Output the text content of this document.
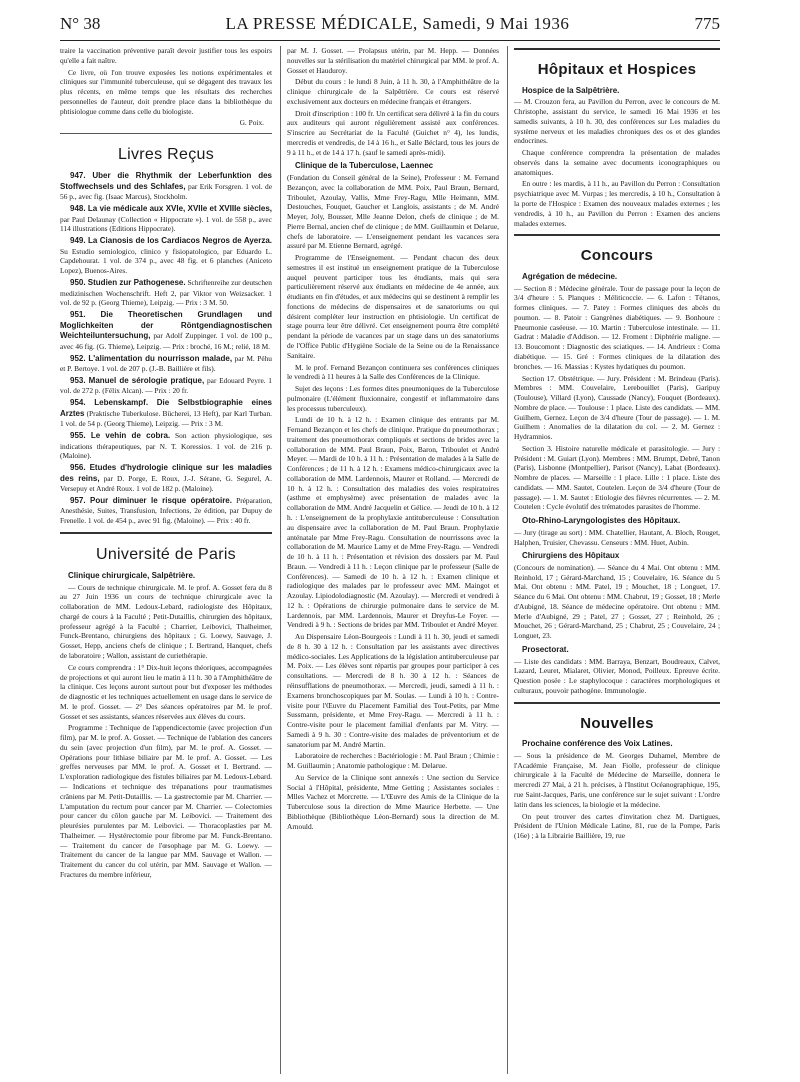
N° 38	LA PRESSE MÉDICALE, Samedi, 9 Mai 1936	775

traire la vaccination préventive paraît devoir justifier tous les espoirs qu'elle a fait naître.

Ce livre, où l'on trouve exposées les notions expérimentales et cliniques sur l'immunité tuberculeuse, qui se dégagent des travaux les plus récents, en même temps que les résultats des recherches personnelles de l'auteur, doit prendre place dans la bibliothèque du phtisiologue comme dans celle du biologiste.

G. Poix.

Livres Reçus

947. Uber die Rhythmik der Leberfunktion des Stoffwechsels und des Schlafes, par Erik Forsgren. 1 vol. de 56 p., avec fig. (Isaac Marcus), Stockholm.

948. La vie médicale aux XVIe, XVIIe et XVIIIe siècles, par Paul Delaunay (Collection « Hippocrate »). 1 vol. de 558 p., avec 114 illustrations (Editions Hippocrate).

949. La Cianosis de los Cardiacos Negros de Ayerza. Su Estudio semiologico, clinico y fisiopatologico, par Eduardo L. Capdehourat. 1 vol. de 374 p., avec 48 fig. et 6 planches (Aniceto Lopez), Buenos-Aires.

950. Studien zur Pathogenese. Schriftenreihe zur deutschen medizinischen Wochenschrift. Heft 2, par Viktor von Weizsacker. 1 vol. de 92 p. (Georg Thieme), Leipzig. — Prix : 3 M. 50.

951. Die Theoretischen Grundlagen und Moglichkeiten der Röntgendiagnostischen Weichteiluntersuchung, par Adolf Zuppinger. 1 vol. de 100 p., avec 46 fig. (G. Thieme), Leipzig. — Prix : broché, 16 M.; relié, 18 M.

952. L'alimentation du nourrisson malade, par M. Péhu et P. Bertoye. 1 vol. de 207 p. (J.-B. Baillière et fils).

953. Manuel de sérologie pratique, par Edouard Peyre. 1 vol. de 272 p. (Félix Alcan). — Prix : 20 fr.

954. Lebenskampf. Die Selbstbiographie eines Arztes (Praktische Tuberkulose. Bücherei, 13 Heft), par Karl Turban. 1 vol. de 54 p. (Georg Thieme), Leipzig. — Prix : 3 M.

955. Le vehin de cobra. Son action physiologique, ses indications thérapeutiques, par N. T. Koressios. 1 vol. de 216 p. (Maloine).

956. Etudes d'hydrologie clinique sur les maladies des reins, par D. Porge, E. Roux, J.-J. Sérane, G. Segurel, A. Versepuy et André Roux. 1 vol de 182 p. (Maloine).

957. Pour diminuer le risque opératoire. Préparation, Anesthésie, Suites, Transfusion, Infections, 2e édition, par Dupuy de Frenelle. 1 vol. de 454 p., avec 91 fig. (Maloine). — Prix : 40 fr.

Université de Paris
Clinique chirurgicale, Salpêtrière.

— Cours de technique chirurgicale. M. le prof. A. Gosset fera du 8 au 27 Juin 1936 un cours de technique chirurgicale avec la collaboration de MM. Ledoux-Lebard, radiologiste des Hôpitaux, chargé de cours à la Faculté ; Petit-Dutaillis, chirurgien des hôpitaux, professeur agrégé à la Faculté ; Charrier, Leibovici, Thalheimer, Funck-Brentano, chirurgiens des hôpitaux ; G. Loewy, Sauvage, J. Gosset, Hepp, anciens chefs de clinique ; I. Bertrand, Hanquet, chefs de laboratoire ; Wallon, assistant de curiethérapie.

Ce cours comprendra : 1° Dix-huit leçons théoriques, accompagnées de projections et qui auront lieu le matin à 11 h. 30 à l'Amphithéâtre de la clinique. Ces leçons auront surtout pour but d'exposer les méthodes de diagnostic et les techniques actuellement en usage dans le service de M. le prof. Gosset. — 2° Des séances opératoires par M. le prof. Gosset et ses assistants, séances réservées aux élèves du cours.

Programme : Technique de l'appendicectomie (avec projection d'un film), par M. le prof. A. Gosset. — Technique de l'ablation des cancers du sein (avec projection d'un film), par M. le prof. A. Gosset. — Opérations pour lithiase biliaire par M. le prof. A. Gosset. — Les greffes nerveuses par MM. le prof. A. Gosset et I. Bertrand. — L'exploration radiologique des fistules biliaires par M. Ledoux-Lebard. — Indications et technique des trépanations pour traumatismes crâniens par M. Petit-Dutaillis. — La gastrectomie par M. Charrier. — L'amputation du rectum pour cancer par M. Charrier. — Colectomies pour cancer du côlon gauche par M. Leibovici. — Traitement des pleurésies purulentes par M. Leibovici. — Thoracoplasties par M. Thalheimer. — Hystérectomie pour fibrome par M. Funck-Brentano. — Traitement du cancer de l'œsophage par M. G. Loewy. — Traitement du cancer de la langue par MM. Sauvage et Wallon. — Traitement du cancer du col utérin, par MM. Sauvage et Wallon. — Fractures du membre inférieur,

par M. J. Gosset. — Prolapsus utérin, par M. Hepp. — Données nouvelles sur la stérilisation du matériel chirurgical par MM. le prof. A. Gosset et Hauduroy.

Début du cours : le lundi 8 Juin, à 11 h. 30, à l'Amphithéâtre de la clinique chirurgicale de la Salpêtrière. Ce cours est réservé exclusivement aux docteurs en médecine français et étrangers.

Droit d'inscription : 100 fr. Un certificat sera délivré à la fin du cours aux auditeurs qui auront régulièrement assisté aux conférences. S'inscrire au Secrétariat de la Faculté (Guichet n° 4), les lundis, mercredis et vendredis, de 14 à 16 h., et Salle Béclard, tous les jours de 9 à 11 h., et de 14 à 17 h. (sauf le samedi après-midi).

Clinique de la Tuberculose, Laennec

(Fondation du Conseil général de la Seine), Professeur : M. Fernand Bezançon, avec la collaboration de MM. Poix, Paul Braun, Bernard, Triboulet, Azoulay, Vallis, Mme Frey-Ragu, Mlle Heimann, MM. Destouches, Fouquet, Gaucher et Langlois, assistants ; de M. André Meyer, Joly, Bousser, Mlle Jeanne Delon, chefs de clinique ; de M. Pierre Bernal, ancien chef de clinique ; de MM. Guillaumin et Delarue, chefs de laboratoire. — L'enseignement pendant les vacances sera assuré par M. Etienne Bernard, agrégé.

Programme de l'Enseignement. — Pendant chacun des deux semestres il est institué un enseignement pratique de la Tuberculose auquel peuvent participer tous les étudiants, mais qui sera particulièrement réservé aux étudiants en médecine de 4e année, aux étudiants en fin d'études, et aux médecins qui se destinent à remplir les fonctions de médecins de dispensaires et de sanatoriums ou qui désirent compléter leur instruction en phtisiologie. Un certificat de stage pourra leur être délivré. Cet enseignement pourra être complété pendant la période de vacances par un stage dans un des sanatoriums de l'Office Public d'Hygiène Sociale de la Seine ou de la Renaissance Sanitaire.

M. le prof. Fernand Bezançon continuera ses conférences cliniques le vendredi à 11 heures à la Salle des Conférences de la Clinique.

Sujet des leçons : Les formes dites pneumoniques de la Tuberculose pulmonaire (L'élément fluxionnaire, congestif et inflammatoire dans les processus tuberculeux).

Lundi de 10 h. à 12 h. : Examen clinique des entrants par M. Fernand Bezançon et les chefs de clinique. Pratique du pneumothorax ; traitement des pneumothorax compliqués et sections de brides avec la collaboration de MM. Paul Braun, Poix, Baron, Triboulet et André Meyer. — Mardi de 10 h. à 11 h. : Présentation de malades à la Salle de Conférences ; de 11 h. à 12 h. : Examens médico-chirurgicaux avec la collaboration de MM. Lardennois, Maurer et Rolland. — Mercredi de 10 h. à 12 h. : Consultation des maladies des voies respiratoires (asthme et emphysème) avec présentation de malades avec la collaboration de MM. André Jacquelin et Gélice. — Jeudi de 10 h. à 12 h. : L'enseignement de la prophylaxie antituberculeuse : Consultation au dispensaire avec la collaboration de M. Paul Braun. Prophylaxie anténatale par Mme Frey-Ragu. Consultation de nourrissons avec la collaboration de M. Maurice Lamy et de Mme Frey-Ragu. — Vendredi de 10 h. à 11 h. : Présentation et révision des dossiers par M. Paul Braun. — Vendredi à 11 h. : Leçon clinique par le professeur (Salle de Conférences). — Samedi de 10 h. à 12 h. : Examen clinique et radiologique des malades par le professeur avec MM. Maingot et Azoulay. Lipiodolodiagnostic (M. Azoulay). — Mercredi et vendredi à 12 h. : Opérations de chirurgie pulmonaire dans le service de M. Lardennois, par MM. Lardennois, Maurer et Dreyfus-Le Foyer. — Vendredi à 9 h. : Sections de brides par MM. Triboulet et André Meyer.

Au Dispensaire Léon-Bourgeois : Lundi à 11 h. 30, jeudi et samedi de 8 h. 30 à 12 h. : Consultation par les assistants avec directives médico-sociales. Les Applications de la législation antituberculeuse par M. Poix. — Les élèves sont répartis par groupes pour participer à ces consultations. — Mercredi de 8 h. 30 à 12 h. : Séances de réinsufflations de pneumothorax. — Mercredi, jeudi, samedi à 11 h. : Examens bronchoscopiques par M. Soulas. — Lundi à 10 h. : Contre-visite pour l'Œuvre du Placement Familial des Tout-Petits, par Mme Sussmann, présidente, et Mme Frey-Ragu. — Mercredi à 11 h. : Contre-visite pour le placement familial d'enfants par M. Vitry. — Samedi à 9 h. 30 : Contre-visite des malades de préventorium et de sanatorium par M. André Martin.

Laboratoire de recherches : Bactériologie : M. Paul Braun ; Chimie : M. Guillaumin ; Anatomie pathologique : M. Delarue.

Au Service de la Clinique sont annexés : Une section du Service Social à l'Hôpital, présidente, Mme Getting ; Assistantes sociales : Mlles Vachez et Morcrette. — L'Œuvre des Amis de la Clinique de la Tuberculose sous la direction de Mme Maurice Herbette. — Une Bibliothèque (Bibliothèque Léon-Bernard) sous la direction de M. Arnould.

Hôpitaux et Hospices
Hospice de la Salpêtrière.

— M. Crouzon fera, au Pavillon du Perron, avec le concours de M. Christophe, assistant du service, le samedi 16 Mai 1936 et les samedis suivants, à 10 h. 30, des conférences sur Les maladies du système nerveux et les maladies chroniques des os et des glandes endocrines.

Chaque conférence comprendra la présentation de malades observés dans la semaine avec documents iconographiques ou anatomiques.

En outre : les mardis, à 11 h., au Pavillon du Perron : Consultation psychiatrique avec M. Vurpas ; les mercredis, à 10 h., Consultation à la porte de l'Hospice : Examen des nouveaux malades externes ; les vendredis, à 10 h., au Pavillon du Perron : Examen des anciens malades externes.

Concours
Agrégation de médecine.

— Section 8 : Médecine générale. Tour de passage pour la leçon de 3/4 d'heure : 5. Planques : Méliticoccie. — 6. Lafon : Tétanos, formes cliniques. — 7. Patey : Formes cliniques des abcès du poumon. — 8. Patoir : Gangrènes diabétiques. — 9. Bonhoure : Pneumonie caséeuse. — 10. Martin : Tuberculose intestinale. — 11. Gadrat : Maladie d'Addison. — 12. Froment : Diphtérie maligne. — 13. Boucomont : Diagnostic des sciatiques. — 14. Andrieux : Coma diabétique. — 15. Gré : Formes cliniques de la dilatation des bronches. — 16. Massias : Kystes hydatiques du poumon.

Section 17. Obstétrique. — Jury. Président : M. Brindeau (Paris). Membres : MM. Couvelaire, Lerebouillet (Paris), Garipuy (Toulouse), Villard (Lyon), Caussade (Nancy), Fouquet (Bordeaux). Nombre de place. — Toulouse : 1 place. Liste des candidats. — MM. Guilhem, Gernez. Leçon de 3/4 d'heure (Tour de passage). — 1. M. Guilhem : Anomalies de la dilatation du col. — 2. M. Gernez : Hydramnios.

Section 3. Histoire naturelle médicale et parasitologie. — Jury : Président : M. Guiart (Lyon). Membres : MM. Brumpt, Debré, Tanon (Paris), Lisbonne (Montpellier), Parisot (Nancy), Labat (Bordeaux). Nombre de places. — Marseille : 1 place. Lille : 1 place. Liste des candidats. — MM. Sautet, Coutelen. Leçon de 3/4 d'heure (Tour de passage). — 1. M. Sautet : Etiologie des fièvres récurrentes. — 2. M. Coutelen : Cycle évolutif des trématodes parasites de l'homme.

Oto-Rhino-Laryngologistes des Hôpitaux.

— Jury (tirage au sort) : MM. Chatellier, Hautant, A. Bloch, Rouget, Halphen, Truisier, Chevassu. Censeurs : MM. Huet, Aubin.

Chirurgiens des Hôpitaux

(Concours de nomination). — Séance du 4 Mai. Ont obtenu : MM. Reinhold, 17 ; Gérard-Marchand, 15 ; Couvelaire, 16. Séance du 5 Mai. Ont obtenu : MM. Patel, 19 ; Mouchet, 18 ; Longuet, 17. Séance du 6 Mai. Ont obtenu : MM. Chabrut, 19 ; Gosset, 18 ; Merle d'Aubigné, 18. Séance de médecine opératoire. Ont obtenu : MM. Merle d'Aubigné, 29 ; Patel, 27 ; Gosset, 27 ; Reinhold, 26 ; Mouchet, 26 ; Gérard-Marchand, 25 ; Chabrut, 25 ; Couvelaire, 24 ; Longuet, 23.

Prosectorat.

— Liste des candidats : MM. Barraya, Benzart, Boudreaux, Calvet, Lazard, Leuret, Mialaret, Olivier, Monod, Poilleux. Epreuve écrite. Question posée : Le staphylocoque : caractères morphologiques et culturaux, pouvoir pathogène. Immunologie.

Nouvelles
Prochaine conférence des Voix Latines.

— Sous la présidence de M. Georges Duhamel, Membre de l'Académie Française, M. Jean Fiolle, professeur de clinique chirurgicale à la Faculté de Médecine de Marseille, donnera le mercredi 27 Mai, à 21 h. précises, à l'Institut Océanographique, 195, rue Saint-Jacques, Paris, une conférence sur le sujet suivant : L'ordre latin dans les sciences, la biologie et la médecine.

On peut trouver des cartes d'invitation chez M. Dartigues, Président de l'Union Médicale Latine, 81, rue de la Pompe, Paris (16e) ; à la Librairie Baillière, 19, rue
